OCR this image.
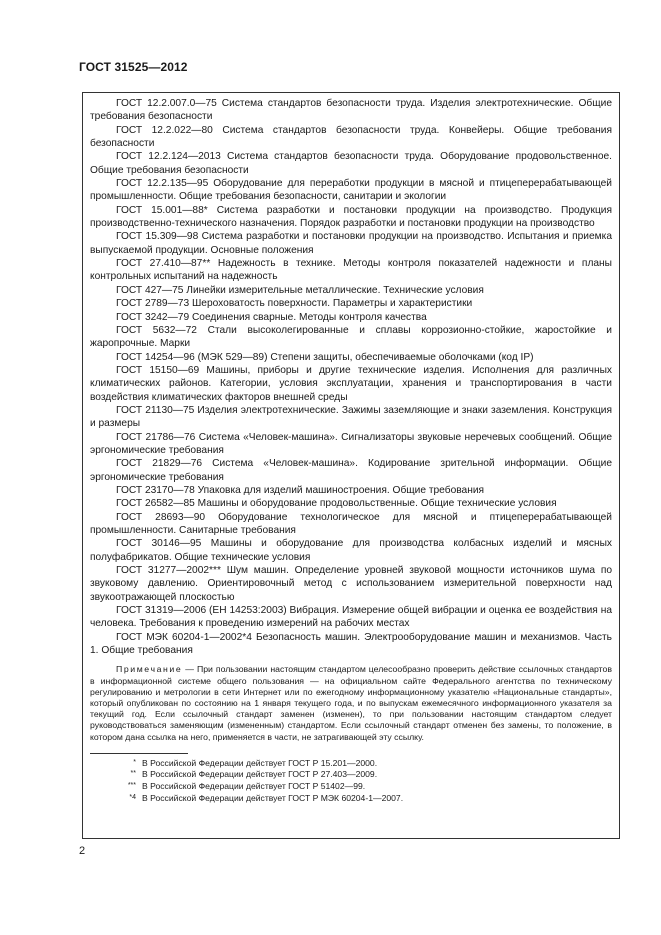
ГОСТ 31525—2012

ГОСТ 12.2.007.0—75 Система стандартов безопасности труда. Изделия электротехнические. Общие требования безопасности

ГОСТ 12.2.022—80 Система стандартов безопасности труда. Конвейеры. Общие требования безопасности

ГОСТ 12.2.124—2013 Система стандартов безопасности труда. Оборудование продовольственное. Общие требования безопасности

ГОСТ 12.2.135—95 Оборудование для переработки продукции в мясной и птицеперерабатывающей промышленности. Общие требования безопасности, санитарии и экологии

ГОСТ 15.001—88* Система разработки и постановки продукции на производство. Продукция производственно-технического назначения. Порядок разработки и постановки продукции на производство

ГОСТ 15.309—98 Система разработки и постановки продукции на производство. Испытания и приемка выпускаемой продукции. Основные положения

ГОСТ 27.410—87** Надежность в технике. Методы контроля показателей надежности и планы контрольных испытаний на надежность

ГОСТ 427—75 Линейки измерительные металлические. Технические условия

ГОСТ 2789—73 Шероховатость поверхности. Параметры и характеристики

ГОСТ 3242—79 Соединения сварные. Методы контроля качества

ГОСТ 5632—72 Стали высоколегированные и сплавы коррозионно-стойкие, жаростойкие и жаропрочные. Марки

ГОСТ 14254—96 (МЭК 529—89) Степени защиты, обеспечиваемые оболочками (код IP)

ГОСТ 15150—69 Машины, приборы и другие технические изделия. Исполнения для различных климатических районов. Категории, условия эксплуатации, хранения и транспортирования в части воздействия климатических факторов внешней среды

ГОСТ 21130—75 Изделия электротехнические. Зажимы заземляющие и знаки заземления. Конструкция и размеры

ГОСТ 21786—76 Система «Человек-машина». Сигнализаторы звуковые неречевых сообщений. Общие эргономические требования

ГОСТ 21829—76 Система «Человек-машина». Кодирование зрительной информации. Общие эргономические требования

ГОСТ 23170—78 Упаковка для изделий машиностроения. Общие требования

ГОСТ 26582—85 Машины и оборудование продовольственные. Общие технические условия

ГОСТ 28693—90 Оборудование технологическое для мясной и птицеперерабатывающей промышленности. Санитарные требования

ГОСТ 30146—95 Машины и оборудование для производства колбасных изделий и мясных полуфабрикатов. Общие технические условия

ГОСТ 31277—2002*** Шум машин. Определение уровней звуковой мощности источников шума по звуковому давлению. Ориентировочный метод с использованием измерительной поверхности над звукоотражающей плоскостью

ГОСТ 31319—2006 (ЕН 14253:2003) Вибрация. Измерение общей вибрации и оценка ее воздействия на человека. Требования к проведению измерений на рабочих местах

ГОСТ МЭК 60204-1—2002*4 Безопасность машин. Электрооборудование машин и механизмов. Часть 1. Общие требования

Примечание — При пользовании настоящим стандартом целесообразно проверить действие ссылочных стандартов в информационной системе общего пользования — на официальном сайте Федерального агентства по техническому регулированию и метрологии в сети Интернет или по ежегодному информационному указателю «Национальные стандарты», который опубликован по состоянию на 1 января текущего года, и по выпускам ежемесячного информационного указателя за текущий год. Если ссылочный стандарт заменен (изменен), то при пользовании настоящим стандартом следует руководствоваться заменяющим (измененным) стандартом. Если ссылочный стандарт отменен без замены, то положение, в котором дана ссылка на него, применяется в части, не затрагивающей эту ссылку.
* В Российской Федерации действует ГОСТ Р 15.201—2000.
** В Российской Федерации действует ГОСТ Р 27.403—2009.
*** В Российской Федерации действует ГОСТ Р 51402—99.
*4 В Российской Федерации действует ГОСТ Р МЭК 60204-1—2007.
2
